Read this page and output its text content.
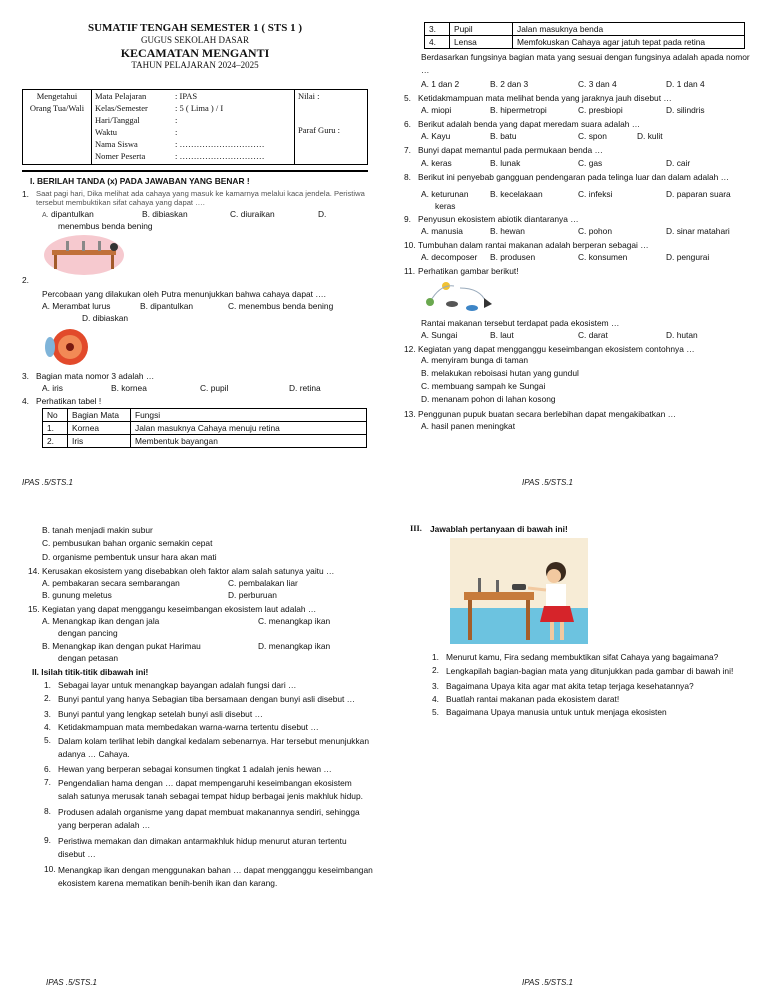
SUMATIF TENGAH SEMESTER 1 ( STS 1 )
GUGUS SEKOLAH DASAR
KECAMATAN MENGANTI
TAHUN PELAJARAN 2024–2025
Mengetahui
Orang Tua/Wali

Mata Pelajaran	: IPAS
Kelas/Semester	: 5 ( Lima ) / I
Hari/Tanggal	:
Waktu	:
Nama Siswa	: …………………………
Nomer Peserta	: …………………………

Nilai :
Paraf Guru :
I. BERILAH TANDA (x) PADA JAWABAN YANG BENAR !
1. Saat pagi hari, Dika melihat ada cahaya yang masuk ke kamarnya melalui kaca jendela. Peristiwa tersebut membuktikan sifat cahaya yang dapat ….
A. dipantulkan	B. dibiaskan	C. diuraikan	D.
menembus benda bening
2.
Percobaan yang dilakukan oleh Putra menunjukkan bahwa cahaya dapat ….
A. Merambat lurus	B. dipantulkan	C. menembus benda bening
D. dibiaskan
3. Bagian mata nomor 3 adalah …
A. iris	B. kornea	C. pupil	D. retina
4. Perhatikan tabel !
No	Bagian Mata	Fungsi
1.	Kornea	Jalan masuknya Cahaya menuju retina
2.	Iris	Membentuk bayangan
IPAS .5/STS.1
3.	Pupil	Jalan masuknya benda
4.	Lensa	Memfokuskan Cahaya agar jatuh tepat pada retina
Berdasarkan fungsinya bagian mata yang sesuai dengan fungsinya adalah apada nomor …
A. 1 dan 2	B. 2 dan 3	C. 3 dan 4	D. 1 dan 4
5. Ketidakmampuan mata melihat benda yang jaraknya jauh disebut …
A. miopi	B. hipermetropi	C. presbiopi	D. silindris
6. Berikut adalah benda yang dapat meredam suara adalah …
A. Kayu	B. batu	C. spon	D. kulit
7. Bunyi dapat memantul pada permukaan benda …
A. keras	B. lunak	C. gas	D. cair
8. Berikut ini penyebab gangguan pendengaran pada telinga luar dan dalam adalah …
A. keturunan	B. kecelakaan	C. infeksi	D. paparan suara
keras
9. Penyusun ekosistem abiotik diantaranya …
A. manusia	B. hewan	C. pohon	D. sinar matahari
10. Tumbuhan dalam rantai makanan adalah berperan sebagai …
A. decomposer	B. produsen	C. konsumen	D. pengurai
11. Perhatikan gambar berikut!
Rantai makanan tersebut terdapat pada ekosistem …
A. Sungai	B. laut	C. darat	D. hutan
12. Kegiatan yang dapat mengganggu keseimbangan ekosistem contohnya …
A. menyiram bunga di taman
B. melakukan reboisasi hutan yang gundul
C. membuang sampah ke Sungai
D. menanam pohon di lahan kosong
13. Penggunan pupuk buatan secara berlebihan dapat mengakibatkan …
A. hasil panen meningkat
IPAS .5/STS.1
B. tanah menjadi makin subur
C. pembusukan bahan organic semakin cepat
D. organisme pembentuk unsur hara akan mati
14. Kerusakan ekosistem yang disebabkan oleh faktor alam salah satunya yaitu …
A. pembakaran secara sembarangan	C. pembalakan liar
B. gunung meletus	D. perburuan
15. Kegiatan yang dapat menggangu keseimbangan ekosistem laut adalah …
A. Menangkap ikan dengan jala	C. menangkap ikan
dengan pancing
B. Menangkap ikan dengan pukat Harimau	D. menangkap ikan
dengan petasan
II. Isilah titik-titik dibawah ini!
1. Sebagai layar untuk menangkap bayangan adalah fungsi dari …
2. Bunyi pantul yang hanya Sebagian tiba bersamaan dengan bunyi asli disebut …
3. Bunyi pantul yang lengkap setelah bunyi asli disebut …
4. Ketidakmampuan mata membedakan warna-warna tertentu disebut …
5. Dalam kolam terlihat lebih dangkal kedalam sebenarnya. Har tersebut menunjukkan adanya … Cahaya.
6. Hewan yang berperan sebagai konsumen tingkat 1 adalah jenis hewan …
7. Pengendalian hama dengan … dapat mempengaruhi keseimbangan ekosistem salah satunya merusak tanah sebagai tempat hidup berbagai jenis makhluk hidup.
8. Produsen adalah organisme yang dapat membuat makanannya sendiri, sehingga yang berperan adalah …
9. Peristiwa memakan dan dimakan antarmakhluk hidup menurut aturan tertentu disebut …
10. Menangkap ikan dengan menggunakan bahan … dapat mengganggu keseimbangan ekosistem karena mematikan benih-benih ikan dan karang.
IPAS .5/STS.1
III. Jawablah pertanyaan di bawah ini!
1. Menurut kamu, Fira sedang membuktikan sifat Cahaya yang bagaimana?
2. Lengkapilah bagian-bagian mata yang ditunjukkan pada gambar di bawah ini!
3. Bagaimana Upaya kita agar mat akita tetap terjaga kesehatannya?
4. Buatlah rantai makanan pada ekosistem darat!
5. Bagaimana Upaya manusia untuk untuk menjaga ekosisten
IPAS .5/STS.1
